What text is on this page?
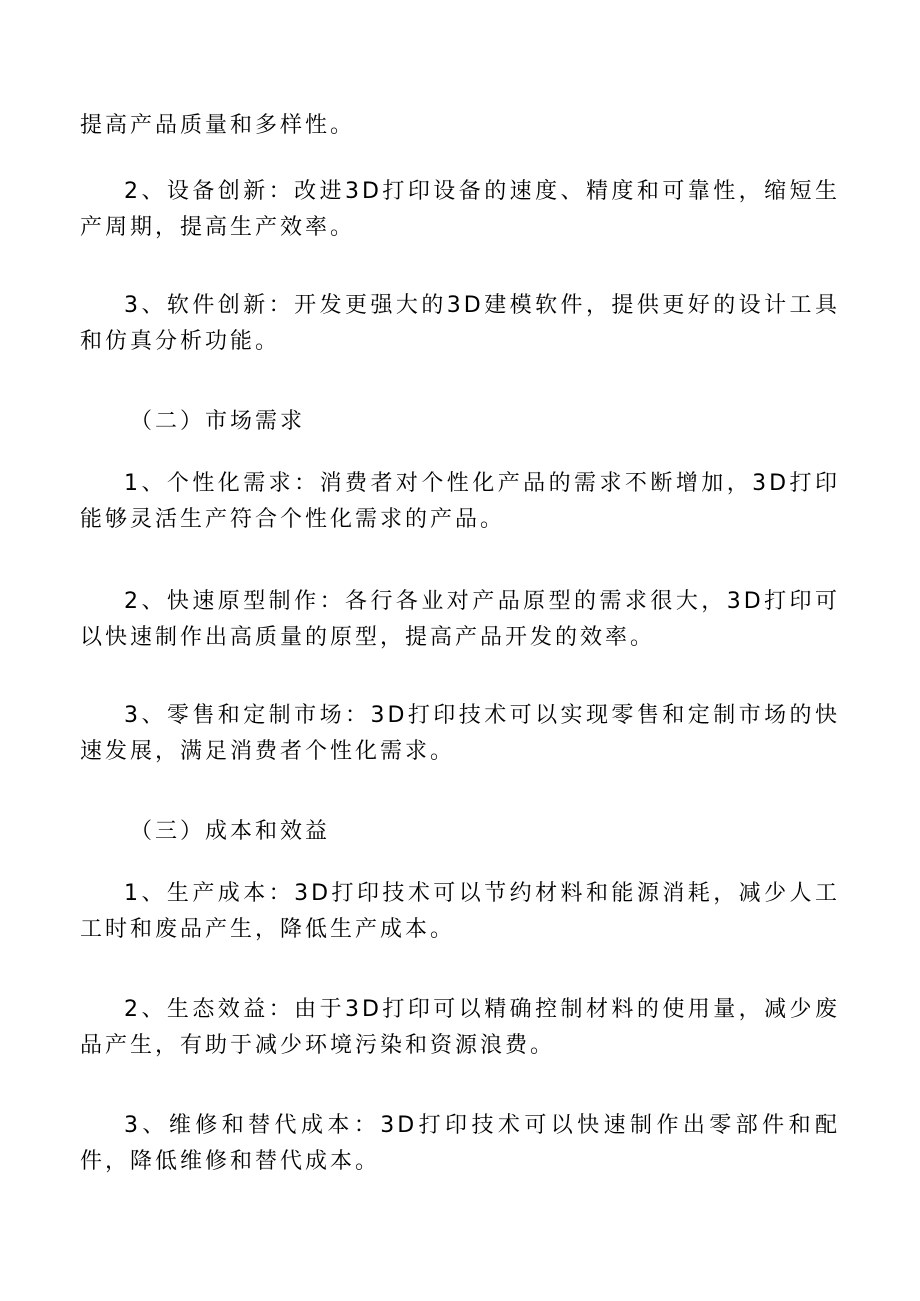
提高产品质量和多样性。

2、设备创新：改进3D打印设备的速度、精度和可靠性，缩短生产周期，提高生产效率。

3、软件创新：开发更强大的3D建模软件，提供更好的设计工具和仿真分析功能。

（二）市场需求

1、个性化需求：消费者对个性化产品的需求不断增加，3D打印能够灵活生产符合个性化需求的产品。

2、快速原型制作：各行各业对产品原型的需求很大，3D打印可以快速制作出高质量的原型，提高产品开发的效率。

3、零售和定制市场：3D打印技术可以实现零售和定制市场的快速发展，满足消费者个性化需求。

（三）成本和效益

1、生产成本：3D打印技术可以节约材料和能源消耗，减少人工工时和废品产生，降低生产成本。

2、生态效益：由于3D打印可以精确控制材料的使用量，减少废品产生，有助于减少环境污染和资源浪费。

3、维修和替代成本：3D打印技术可以快速制作出零部件和配件，降低维修和替代成本。
